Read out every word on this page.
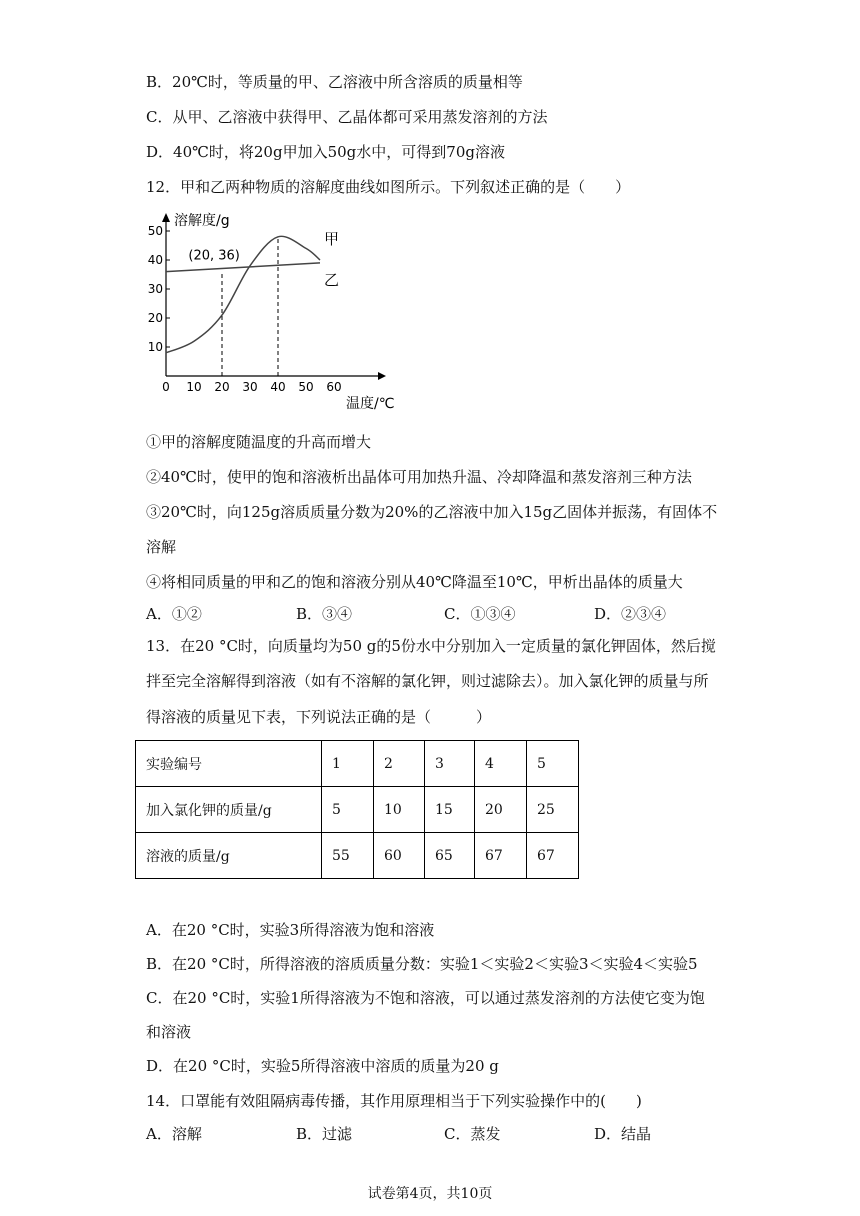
B．20℃时，等质量的甲、乙溶液中所含溶质的质量相等
C．从甲、乙溶液中获得甲、乙晶体都可采用蒸发溶剂的方法
D．40℃时，将20g甲加入50g水中，可得到70g溶液
12．甲和乙两种物质的溶解度曲线如图所示。下列叙述正确的是（　　）
溶解度/g
温度/℃
0 10 20 30 40 50 60
10
20
30
40
50	甲
乙
(20, 36)
①甲的溶解度随温度的升高而增大
②40℃时，使甲的饱和溶液析出晶体可用加热升温、冷却降温和蒸发溶剂三种方法
③20℃时，向125g溶质质量分数为20%的乙溶液中加入15g乙固体并振荡，有固体不
溶解
④将相同质量的甲和乙的饱和溶液分别从40℃降温至10℃，甲析出晶体的质量大
A．①②	B．③④	C．①③④	D．②③④
13．在20 °C时，向质量均为50 g的5份水中分别加入一定质量的氯化钾固体，然后搅
拌至完全溶解得到溶液（如有不溶解的氯化钾，则过滤除去）。加入氯化钾的质量与所
得溶液的质量见下表，下列说法正确的是（　　　）
实验编号	1	2	3	4	5
加入氯化钾的质量/g	5	10	15	20	25
溶液的质量/g	55	60	65	67	67
A．在20 °C时，实验3所得溶液为饱和溶液
B．在20 °C时，所得溶液的溶质质量分数：实验1＜实验2＜实验3＜实验4＜实验5
C．在20 °C时，实验1所得溶液为不饱和溶液，可以通过蒸发溶剂的方法使它变为饱
和溶液
D．在20 °C时，实验5所得溶液中溶质的质量为20 g
14．口罩能有效阻隔病毒传播，其作用原理相当于下列实验操作中的(　　)
A．溶解	B．过滤	C．蒸发	D．结晶
试卷第4页，共10页
